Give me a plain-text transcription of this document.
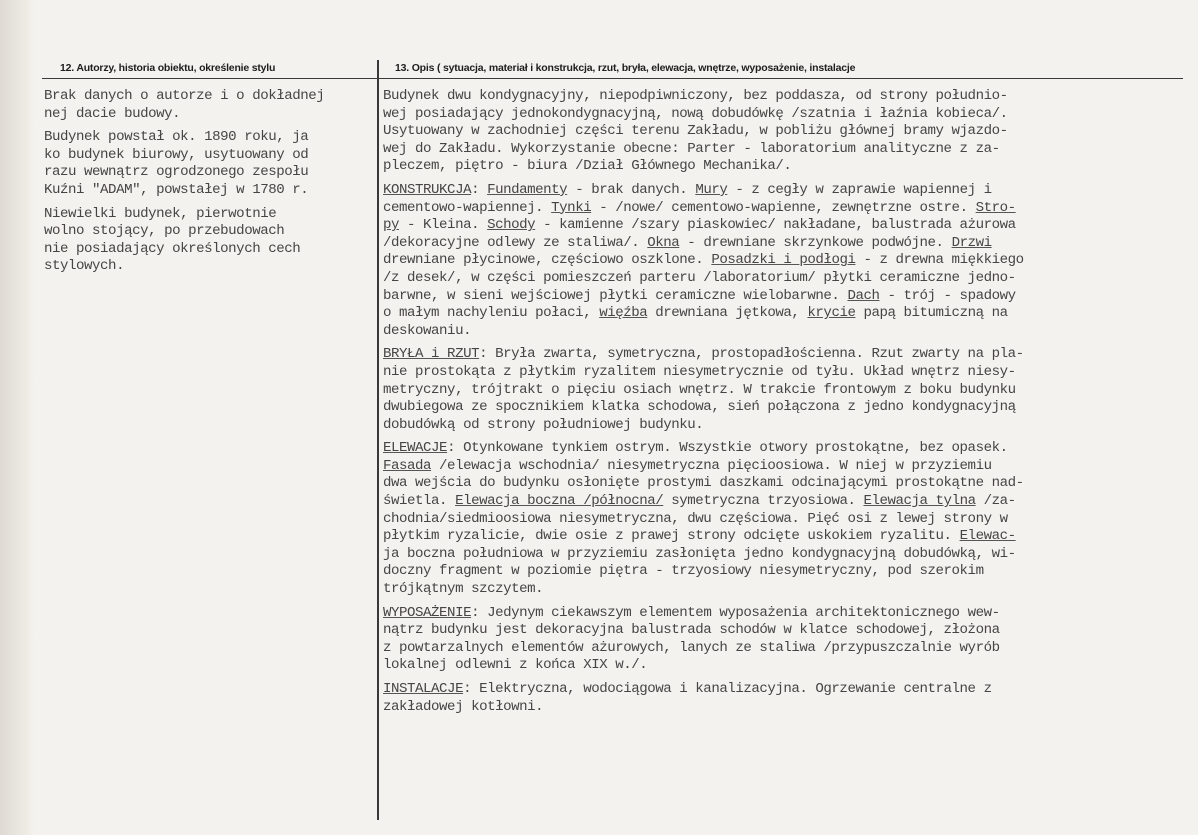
12. Autorzy, historia obiektu, określenie stylu	13. Opis ( sytuacja, materiał i konstrukcja, rzut, bryła, elewacja, wnętrze, wyposażenie, instalacje
Brak danych o autorze i o dokładnej
nej dacie budowy.
Budynek powstał ok. 1890 roku, ja
ko budynek biurowy, usytuowany od
razu wewnątrz ogrodzonego zespołu
Kuźni "ADAM", powstałej w 1780 r.
Niewielki budynek, pierwotnie
wolno stojący, po przebudowach
nie posiadający określonych cech
stylowych.
Budynek dwu kondygnacyjny, niepodpiwniczony, bez poddasza, od strony południo-
wej posiadający jednokondygnacyjną, nową dobudówkę /szatnia i łaźnia kobieca/.
Usytuowany w zachodniej części terenu Zakładu, w pobliżu głównej bramy wjazdo-
wej do Zakładu. Wykorzystanie obecne: Parter - laboratorium analityczne z za-
pleczem, piętro - biura /Dział Głównego Mechanika/.
KONSTRUKCJA: Fundamenty - brak danych. Mury - z cegły w zaprawie wapiennej i
cementowo-wapiennej. Tynki - /nowe/ cementowo-wapienne, zewnętrzne ostre. Stro-
py - Kleina. Schody - kamienne /szary piaskowiec/ nakładane, balustrada ażurowa
/dekoracyjne odlewy ze staliwa/. Okna - drewniane skrzynkowe podwójne. Drzwi
drewniane płycinowe, częściowo oszklone. Posadzki i podłogi - z drewna miękkiego
/z desek/, w części pomieszczeń parteru /laboratorium/ płytki ceramiczne jedno-
barwne, w sieni wejściowej płytki ceramiczne wielobarwne. Dach - trój - spadowy
o małym nachyleniu połaci, więźba drewniana jętkowa, krycie papą bitumiczną na
deskowaniu.
BRYŁA i RZUT: Bryła zwarta, symetryczna, prostopadłościenna. Rzut zwarty na pla-
nie prostokąta z płytkim ryzalitem niesymetrycznie od tyłu. Układ wnętrz niesy-
metryczny, trójtrakt o pięciu osiach wnętrz. W trakcie frontowym z boku budynku
dwubiegowa ze spocznikiem klatka schodowa, sień połączona z jedno kondygnacyjną
dobudówką od strony południowej budynku.
ELEWACJE: Otynkowane tynkiem ostrym. Wszystkie otwory prostokątne, bez opasek.
Fasada /elewacja wschodnia/ niesymetryczna pięcioosiowa. W niej w przyziemiu
dwa wejścia do budynku osłonięte prostymi daszkami odcinającymi prostokątne nad-
świetla. Elewacja boczna /północna/ symetryczna trzyosiowa. Elewacja tylna /za-
chodnia/siedmioosiowa niesymetryczna, dwu częściowa. Pięć osi z lewej strony w
płytkim ryzalicie, dwie osie z prawej strony odcięte uskokiem ryzalitu. Elewac-
ja boczna południowa w przyziemiu zasłonięta jedno kondygnacyjną dobudówką, wi-
doczny fragment w poziomie piętra - trzyosiowy niesymetryczny, pod szerokim
trójkątnym szczytem.
WYPOSAŻENIE: Jedynym ciekawszym elementem wyposażenia architektonicznego wew-
nątrz budynku jest dekoracyjna balustrada schodów w klatce schodowej, złożona
z powtarzalnych elementów ażurowych, lanych ze staliwa /przypuszczalnie wyrób
lokalnej odlewni z końca XIX w./.
INSTALACJE: Elektryczna, wodociągowa i kanalizacyjna. Ogrzewanie centralne z
zakładowej kotłowni.
